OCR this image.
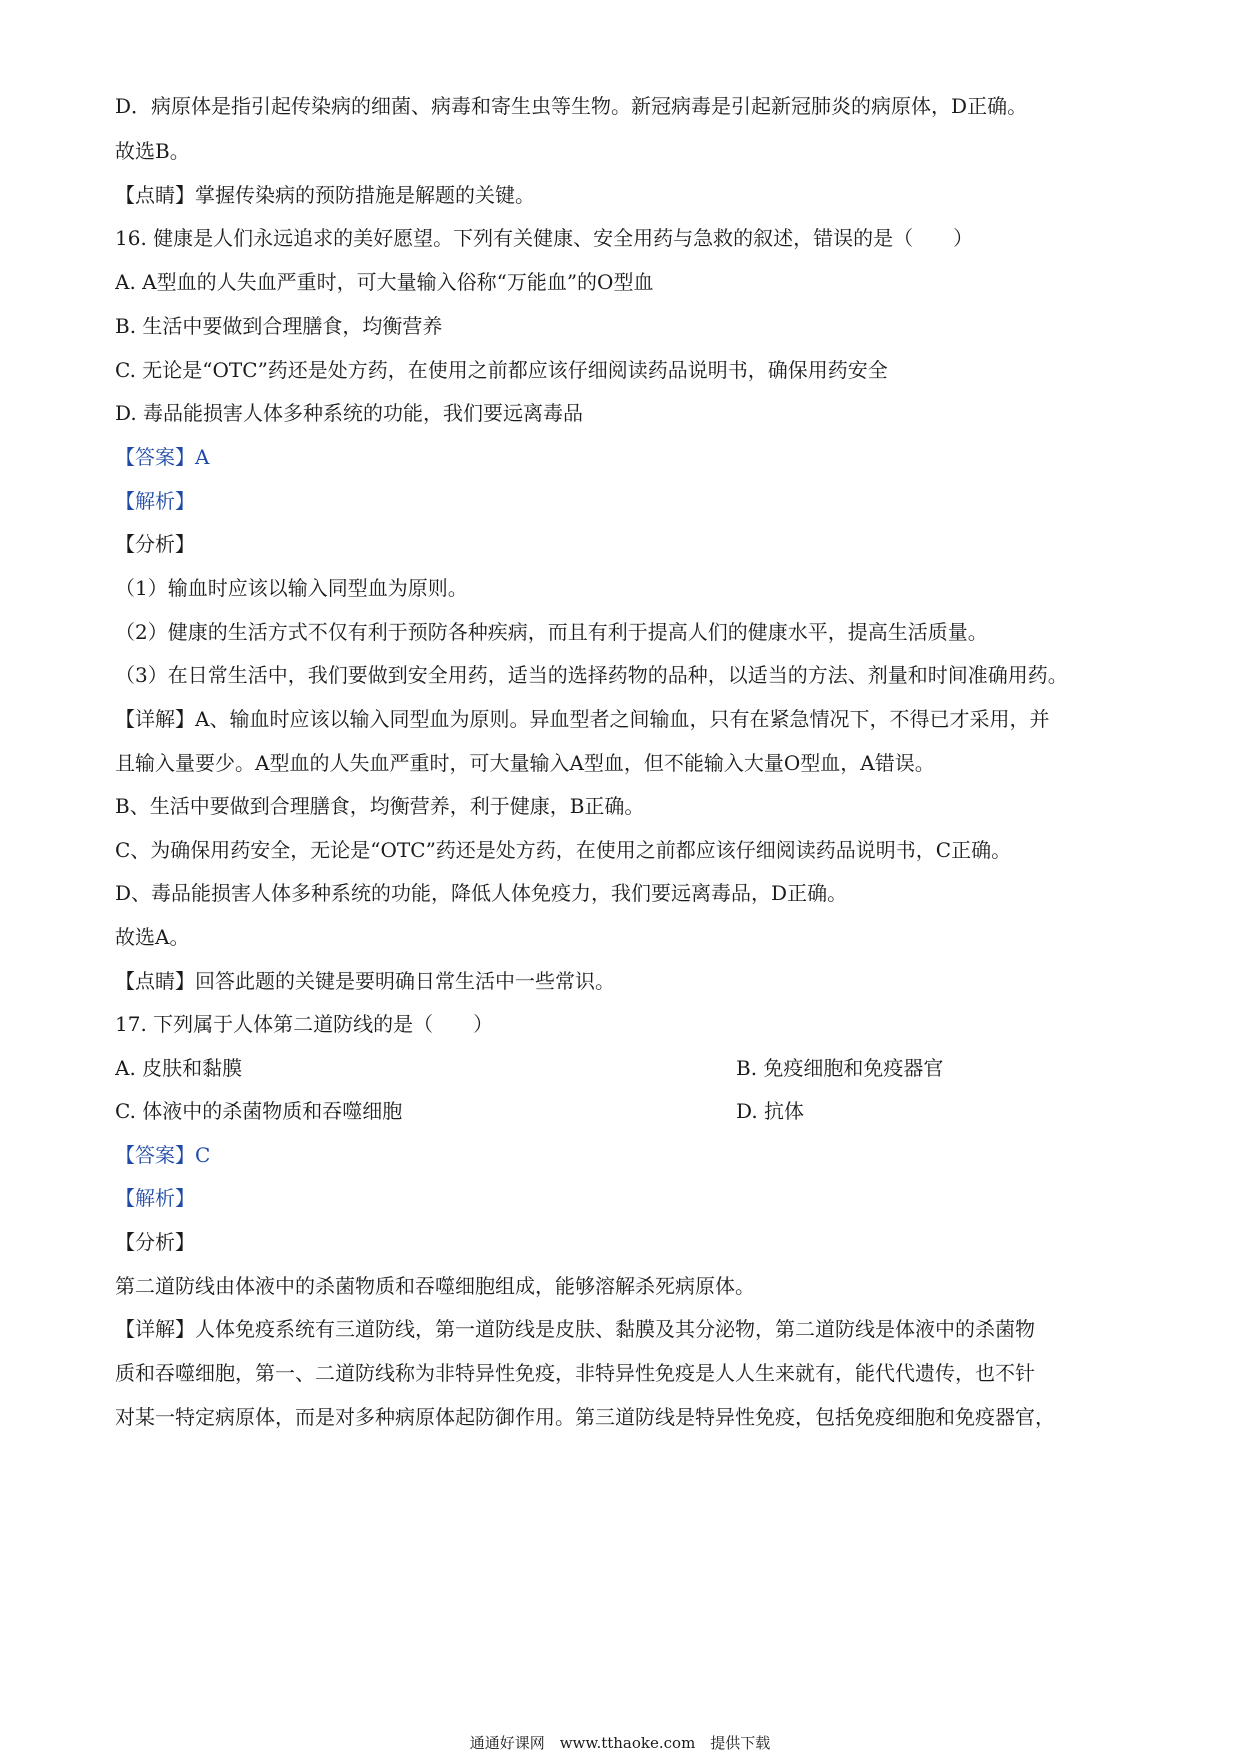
D．病原体是指引起传染病的细菌、病毒和寄生虫等生物。新冠病毒是引起新冠肺炎的病原体，D正确。
故选B。
【点睛】掌握传染病的预防措施是解题的关键。
16. 健康是人们永远追求的美好愿望。下列有关健康、安全用药与急救的叙述，错误的是（　　）
A. A型血的人失血严重时，可大量输入俗称“万能血”的O型血
B. 生活中要做到合理膳食，均衡营养
C. 无论是“OTC”药还是处方药，在使用之前都应该仔细阅读药品说明书，确保用药安全
D. 毒品能损害人体多种系统的功能，我们要远离毒品
【答案】A
【解析】
【分析】
（1）输血时应该以输入同型血为原则。
（2）健康的生活方式不仅有利于预防各种疾病，而且有利于提高人们的健康水平，提高生活质量。
（3）在日常生活中，我们要做到安全用药，适当的选择药物的品种，以适当的方法、剂量和时间准确用药。
【详解】A、输血时应该以输入同型血为原则。异血型者之间输血，只有在紧急情况下，不得已才采用，并
且输入量要少。A型血的人失血严重时，可大量输入A型血，但不能输入大量O型血，A错误。
B、生活中要做到合理膳食，均衡营养，利于健康，B正确。
C、为确保用药安全，无论是“OTC”药还是处方药，在使用之前都应该仔细阅读药品说明书，C正确。
D、毒品能损害人体多种系统的功能，降低人体免疫力，我们要远离毒品，D正确。
故选A。
【点睛】回答此题的关键是要明确日常生活中一些常识。
17. 下列属于人体第二道防线的是（　　）
A. 皮肤和黏膜	B. 免疫细胞和免疫器官
C. 体液中的杀菌物质和吞噬细胞	D. 抗体
【答案】C
【解析】
【分析】
第二道防线由体液中的杀菌物质和吞噬细胞组成，能够溶解杀死病原体。
【详解】人体免疫系统有三道防线，第一道防线是皮肤、黏膜及其分泌物，第二道防线是体液中的杀菌物
质和吞噬细胞，第一、二道防线称为非特异性免疫，非特异性免疫是人人生来就有，能代代遗传，也不针
对某一特定病原体，而是对多种病原体起防御作用。第三道防线是特异性免疫，包括免疫细胞和免疫器官，
通通好课网　www.tthaoke.com　提供下载
